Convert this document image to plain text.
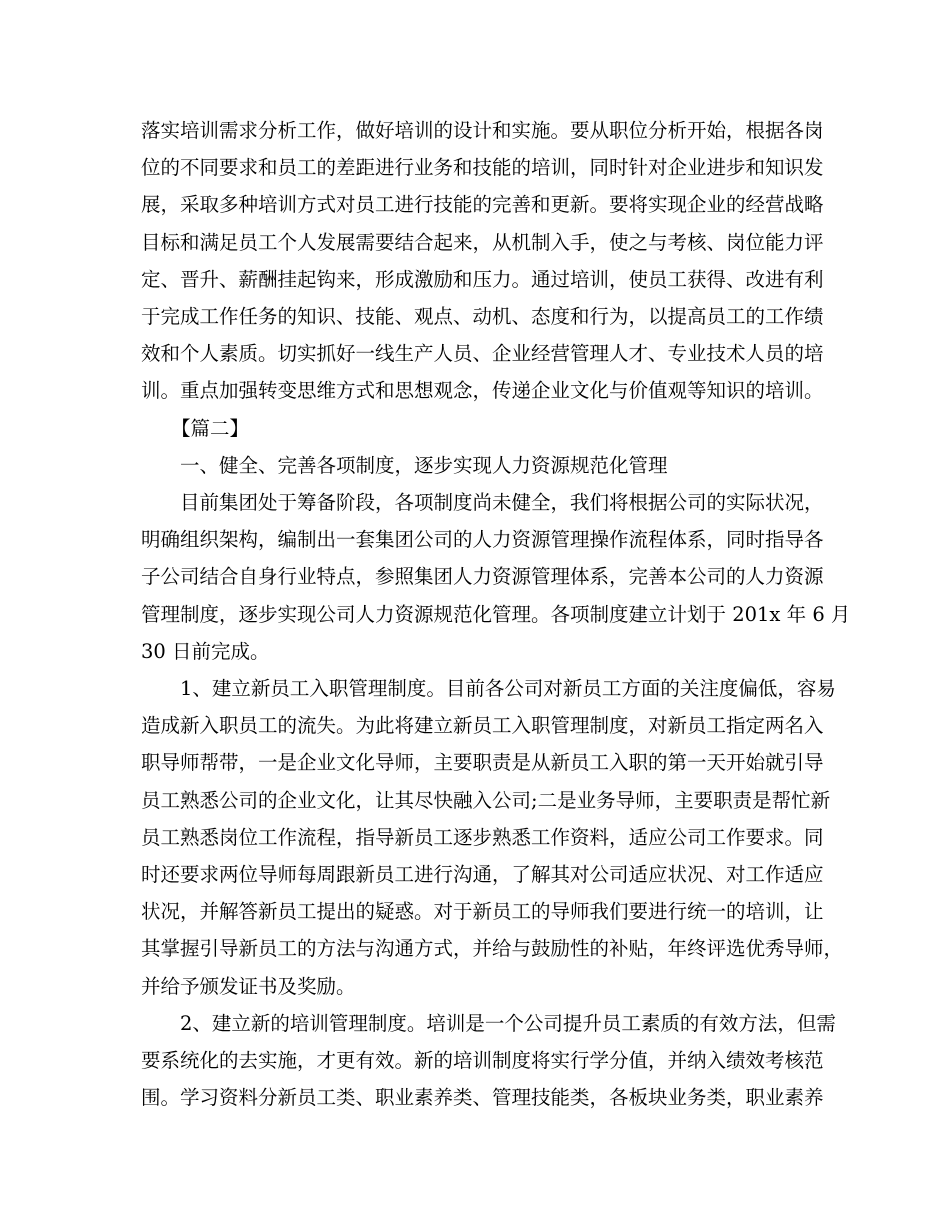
落实培训需求分析工作，做好培训的设计和实施。要从职位分析开始，根据各岗
位的不同要求和员工的差距进行业务和技能的培训，同时针对企业进步和知识发
展，采取多种培训方式对员工进行技能的完善和更新。要将实现企业的经营战略
目标和满足员工个人发展需要结合起来，从机制入手，使之与考核、岗位能力评
定、晋升、薪酬挂起钩来，形成激励和压力。通过培训，使员工获得、改进有利
于完成工作任务的知识、技能、观点、动机、态度和行为，以提高员工的工作绩
效和个人素质。切实抓好一线生产人员、企业经营管理人才、专业技术人员的培
训。重点加强转变思维方式和思想观念，传递企业文化与价值观等知识的培训。
【篇二】
一、健全、完善各项制度，逐步实现人力资源规范化管理
目前集团处于筹备阶段，各项制度尚未健全，我们将根据公司的实际状况，
明确组织架构，编制出一套集团公司的人力资源管理操作流程体系，同时指导各
子公司结合自身行业特点，参照集团人力资源管理体系，完善本公司的人力资源
管理制度，逐步实现公司人力资源规范化管理。各项制度建立计划于 201x 年 6 月
30 日前完成。
1、建立新员工入职管理制度。目前各公司对新员工方面的关注度偏低，容易
造成新入职员工的流失。为此将建立新员工入职管理制度，对新员工指定两名入
职导师帮带，一是企业文化导师，主要职责是从新员工入职的第一天开始就引导
员工熟悉公司的企业文化，让其尽快融入公司;二是业务导师，主要职责是帮忙新
员工熟悉岗位工作流程，指导新员工逐步熟悉工作资料，适应公司工作要求。同
时还要求两位导师每周跟新员工进行沟通，了解其对公司适应状况、对工作适应
状况，并解答新员工提出的疑惑。对于新员工的导师我们要进行统一的培训，让
其掌握引导新员工的方法与沟通方式，并给与鼓励性的补贴，年终评选优秀导师，
并给予颁发证书及奖励。
2、建立新的培训管理制度。培训是一个公司提升员工素质的有效方法，但需
要系统化的去实施，才更有效。新的培训制度将实行学分值，并纳入绩效考核范
围。学习资料分新员工类、职业素养类、管理技能类，各板块业务类，职业素养
